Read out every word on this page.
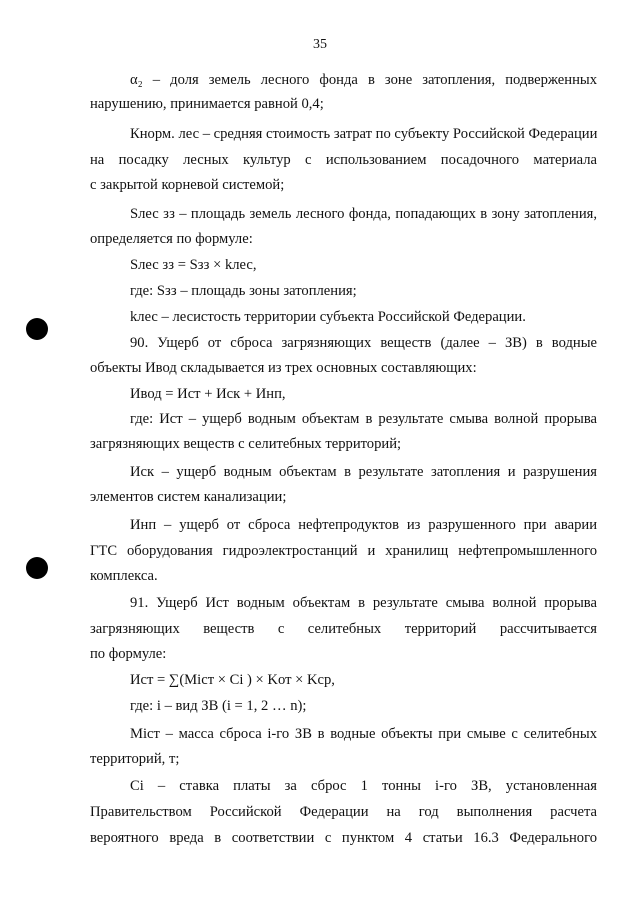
35
α₂ – доля земель лесного фонда в зоне затопления, подверженных
нарушению, принимается равной 0,4;
Кнорм. лес – средняя стоимость затрат по субъекту Российской Федерации
на посадку лесных культур с использованием посадочного материала
с закрытой корневой системой;
Sлес зз – площадь земель лесного фонда, попадающих в зону затопления,
определяется по формуле:
Sлес зз = Sзз × kлес,
где: Sзз – площадь зоны затопления;
kлес – лесистость территории субъекта Российской Федерации.
90. Ущерб от сброса загрязняющих веществ (далее – ЗВ) в водные
объекты Ивод складывается из трех основных составляющих:
Ивод = Ист + Иск + Инп,
где: Ист – ущерб водным объектам в результате смыва волной прорыва
загрязняющих веществ с селитебных территорий;
Иск – ущерб водным объектам в результате затопления и разрушения
элементов систем канализации;
Инп – ущерб от сброса нефтепродуктов из разрушенного при аварии
ГТС оборудования гидроэлектростанций и хранилищ нефтепромышленного
комплекса.
91. Ущерб Ист водным объектам в результате смыва волной прорыва
загрязняющих веществ с селитебных территорий рассчитывается
по формуле:
Ист = ∑(Miст × Ci ) × Kот × Kср,
где: i – вид ЗВ (i = 1, 2 … n);
Miст – масса сброса i-го ЗВ в водные объекты при смыве с селитебных
территорий, т;
Ci – ставка платы за сброс 1 тонны i-го ЗВ, установленная
Правительством Российской Федерации на год выполнения расчета
вероятного вреда в соответствии с пунктом 4 статьи 16.3 Федерального
